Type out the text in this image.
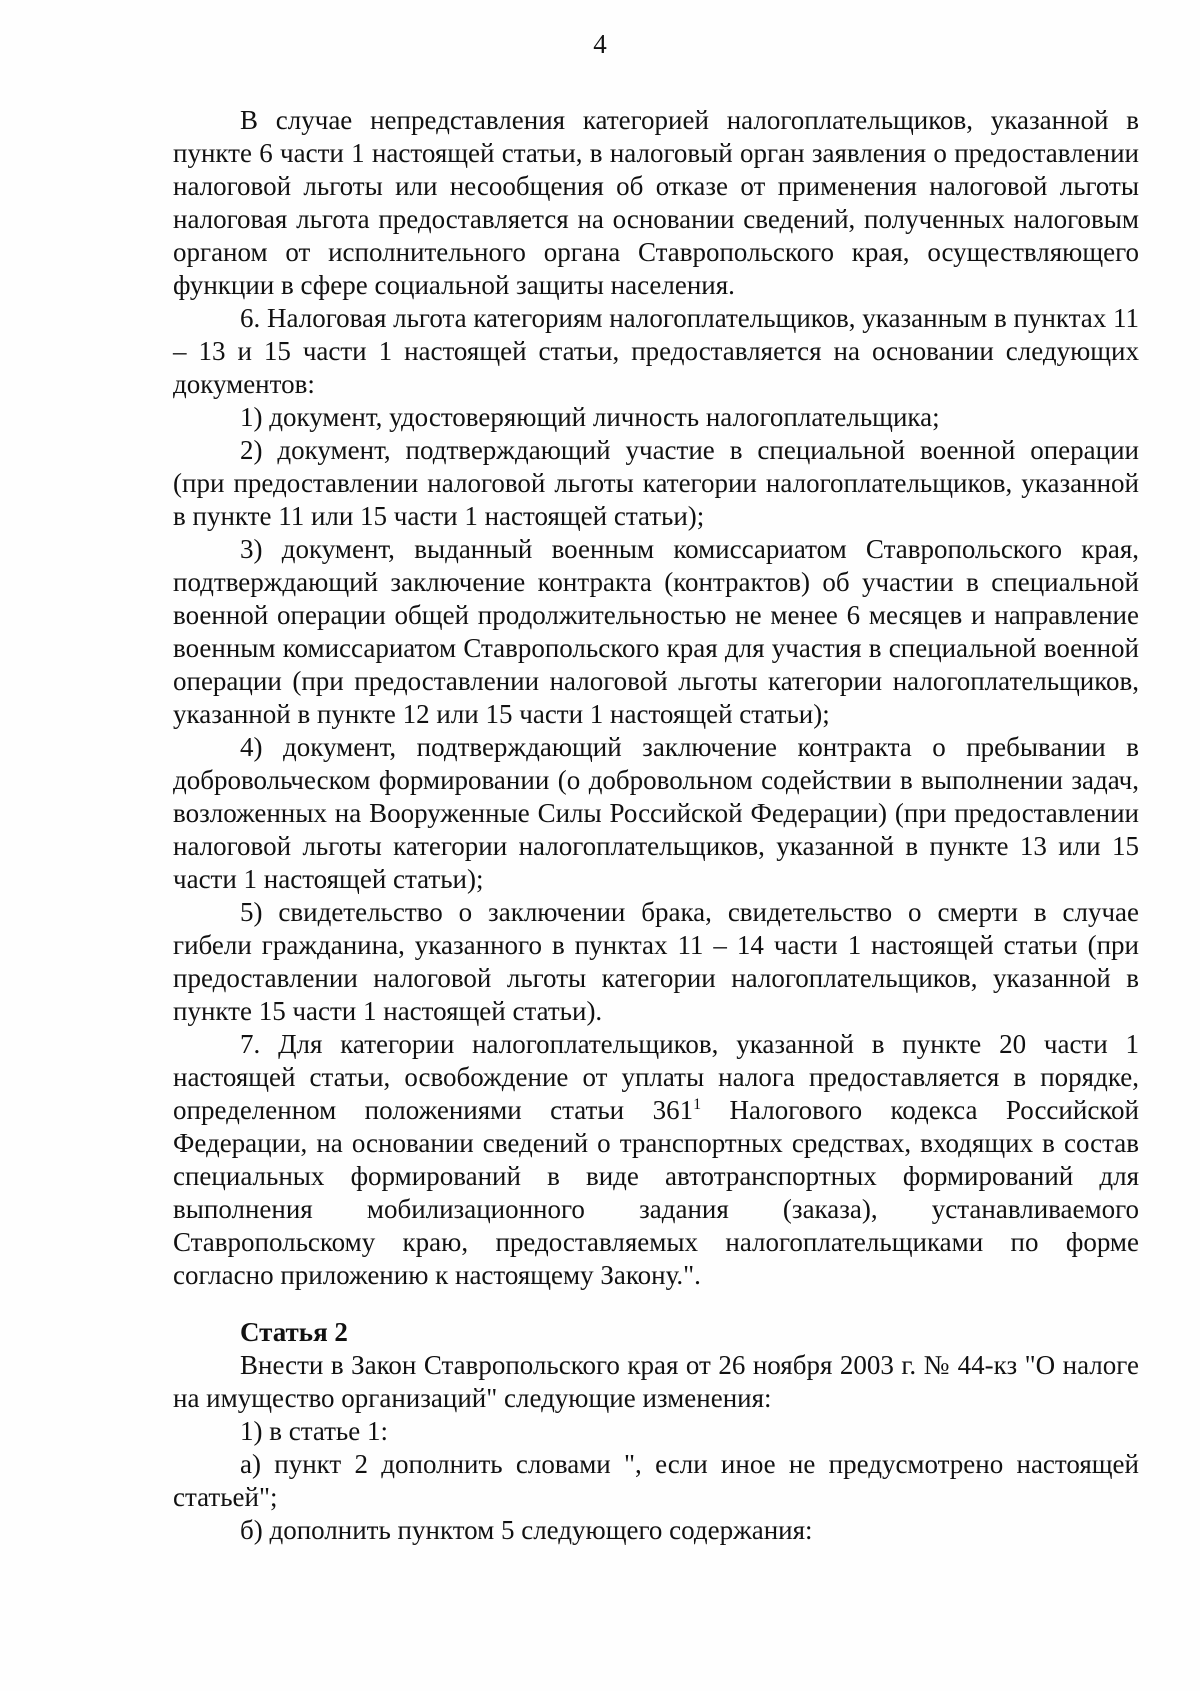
4

В случае непредставления категорией налогоплательщиков, указанной в пункте 6 части 1 настоящей статьи, в налоговый орган заявления о предоставлении налоговой льготы или несообщения об отказе от применения налоговой льготы налоговая льгота предоставляется на основании сведений, полученных налоговым органом от исполнительного органа Ставропольского края, осуществляющего функции в сфере социальной защиты населения.

6. Налоговая льгота категориям налогоплательщиков, указанным в пунктах 11 – 13 и 15 части 1 настоящей статьи, предоставляется на основании следующих документов:

1) документ, удостоверяющий личность налогоплательщика;

2) документ, подтверждающий участие в специальной военной операции (при предоставлении налоговой льготы категории налогоплательщиков, указанной в пункте 11 или 15 части 1 настоящей статьи);

3) документ, выданный военным комиссариатом Ставропольского края, подтверждающий заключение контракта (контрактов) об участии в специальной военной операции общей продолжительностью не менее 6 месяцев и направление военным комиссариатом Ставропольского края для участия в специальной военной операции (при предоставлении налоговой льготы категории налогоплательщиков, указанной в пункте 12 или 15 части 1 настоящей статьи);

4) документ, подтверждающий заключение контракта о пребывании в добровольческом формировании (о добровольном содействии в выполнении задач, возложенных на Вооруженные Силы Российской Федерации) (при предоставлении налоговой льготы категории налогоплательщиков, указанной в пункте 13 или 15 части 1 настоящей статьи);

5) свидетельство о заключении брака, свидетельство о смерти в случае гибели гражданина, указанного в пунктах 11 – 14 части 1 настоящей статьи (при предоставлении налоговой льготы категории налогоплательщиков, указанной в пункте 15 части 1 настоящей статьи).

7. Для категории налогоплательщиков, указанной в пункте 20 части 1 настоящей статьи, освобождение от уплаты налога предоставляется в порядке, определенном положениями статьи $361^1$ Налогового кодекса Российской Федерации, на основании сведений о транспортных средствах, входящих в состав специальных формирований в виде автотранспортных формирований для выполнения мобилизационного задания (заказа), устанавливаемого Ставропольскому краю, предоставляемых налогоплательщиками по форме согласно приложению к настоящему Закону.".

Статья 2

Внести в Закон Ставропольского края от 26 ноября 2003 г. № 44-кз "О налоге на имущество организаций" следующие изменения:

1) в статье 1:

а) пункт 2 дополнить словами ", если иное не предусмотрено настоящей статьей";

б) дополнить пунктом 5 следующего содержания:
